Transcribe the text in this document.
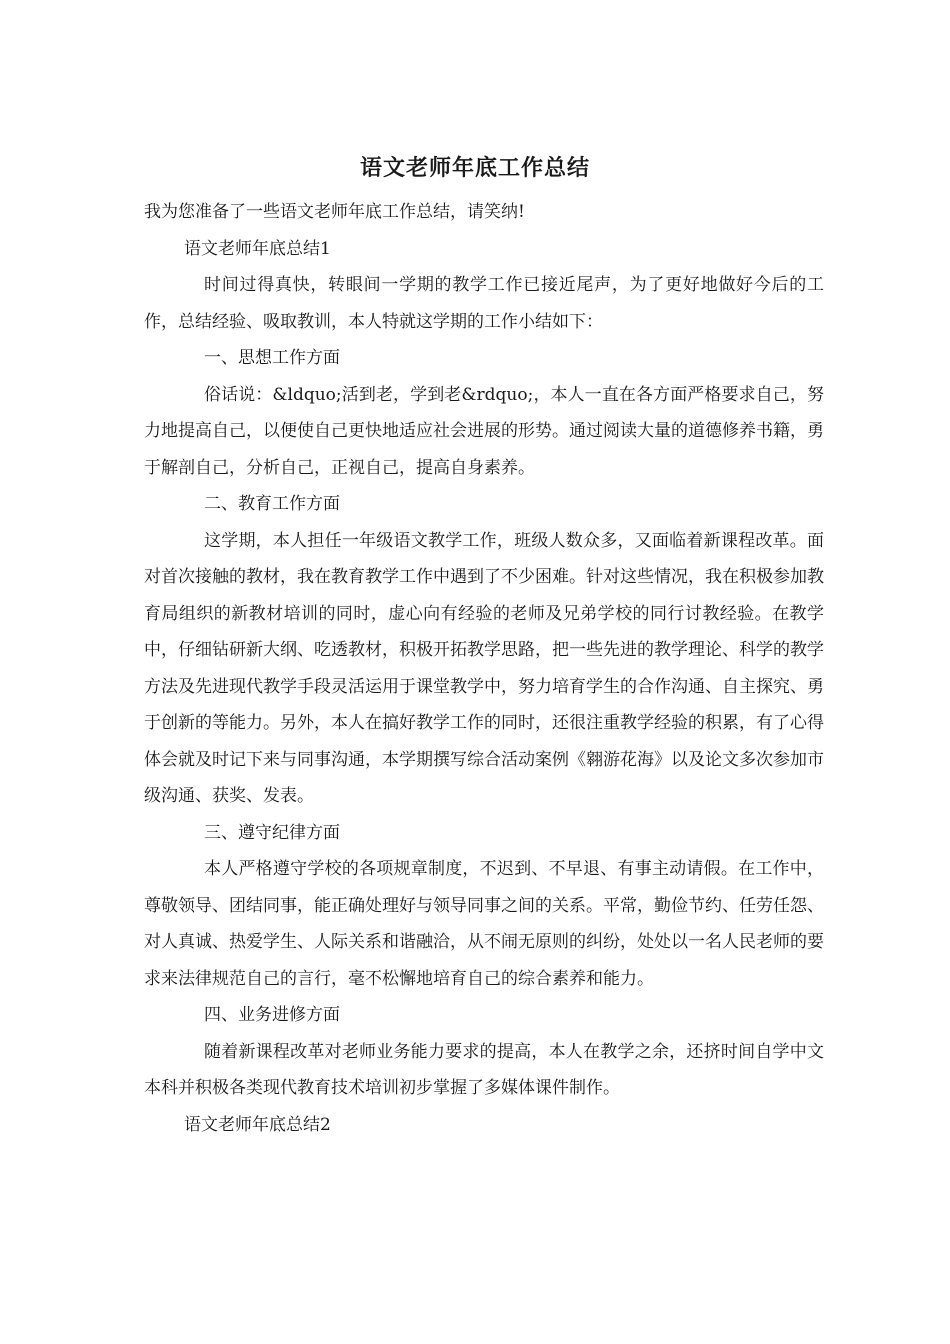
语文老师年底工作总结

我为您准备了一些语文老师年底工作总结，请笑纳!

语文老师年底总结1

时间过得真快，转眼间一学期的教学工作已接近尾声，为了更好地做好今后的工作，总结经验、吸取教训，本人特就这学期的工作小结如下：

一、思想工作方面

俗话说：&ldquo;活到老，学到老&rdquo;，本人一直在各方面严格要求自己，努力地提高自己，以便使自己更快地适应社会进展的形势。通过阅读大量的道德修养书籍，勇于解剖自己，分析自己，正视自己，提高自身素养。

二、教育工作方面

这学期，本人担任一年级语文教学工作，班级人数众多，又面临着新课程改革。面对首次接触的教材，我在教育教学工作中遇到了不少困难。针对这些情况，我在积极参加教育局组织的新教材培训的同时，虚心向有经验的老师及兄弟学校的同行讨教经验。在教学中，仔细钻研新大纲、吃透教材，积极开拓教学思路，把一些先进的教学理论、科学的教学方法及先进现代教学手段灵活运用于课堂教学中，努力培育学生的合作沟通、自主探究、勇于创新的等能力。另外，本人在搞好教学工作的同时，还很注重教学经验的积累，有了心得体会就及时记下来与同事沟通，本学期撰写综合活动案例《翱游花海》以及论文多次参加市级沟通、获奖、发表。

三、遵守纪律方面

本人严格遵守学校的各项规章制度，不迟到、不早退、有事主动请假。在工作中，尊敬领导、团结同事，能正确处理好与领导同事之间的关系。平常，勤俭节约、任劳任怨、对人真诚、热爱学生、人际关系和谐融洽，从不闹无原则的纠纷，处处以一名人民老师的要求来法律规范自己的言行，毫不松懈地培育自己的综合素养和能力。

四、业务进修方面

随着新课程改革对老师业务能力要求的提高，本人在教学之余，还挤时间自学中文本科并积极各类现代教育技术培训初步掌握了多媒体课件制作。

语文老师年底总结2
